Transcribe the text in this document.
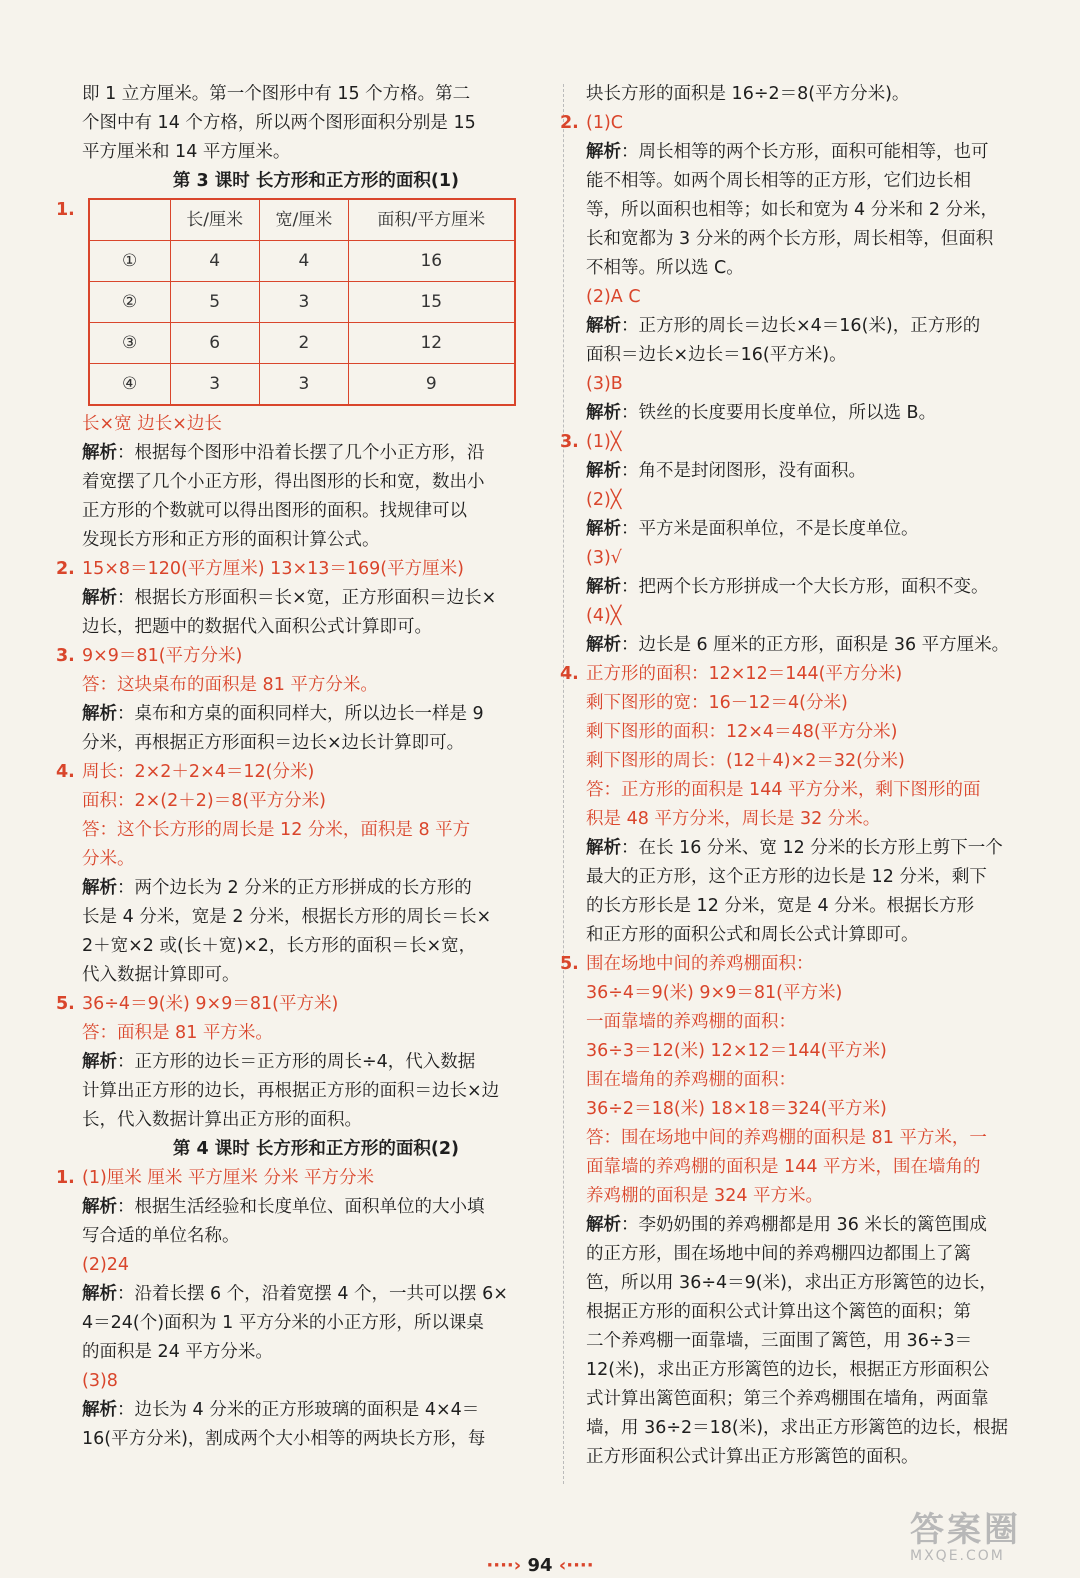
即 1 立方厘米。第一个图形中有 15 个方格。第二

个图中有 14 个方格，所以两个图形面积分别是 15

平方厘米和 14 平方厘米。

第 3 课时 长方形和正方形的面积(1)

1.		长/厘米	宽/厘米	面积/平方厘米
①	4	4	16
②	5	3	15
③	6	2	12
④	3	3	9

长×宽 边长×边长

解析：根据每个图形中沿着长摆了几个小正方形，沿

着宽摆了几个小正方形，得出图形的长和宽，数出小

正方形的个数就可以得出图形的面积。找规律可以

发现长方形和正方形的面积计算公式。

2. 15×8＝120(平方厘米) 13×13＝169(平方厘米)

解析：根据长方形面积＝长×宽，正方形面积＝边长×

边长，把题中的数据代入面积公式计算即可。

3. 9×9＝81(平方分米)

答：这块桌布的面积是 81 平方分米。

解析：桌布和方桌的面积同样大，所以边长一样是 9

分米，再根据正方形面积＝边长×边长计算即可。

4. 周长：2×2＋2×4＝12(分米)

面积：2×(2＋2)＝8(平方分米)

答：这个长方形的周长是 12 分米，面积是 8 平方

分米。

解析：两个边长为 2 分米的正方形拼成的长方形的

长是 4 分米，宽是 2 分米，根据长方形的周长＝长×

2＋宽×2 或(长＋宽)×2，长方形的面积＝长×宽，

代入数据计算即可。

5. 36÷4＝9(米) 9×9＝81(平方米)

答：面积是 81 平方米。

解析：正方形的边长＝正方形的周长÷4，代入数据

计算出正方形的边长，再根据正方形的面积＝边长×边

长，代入数据计算出正方形的面积。

第 4 课时 长方形和正方形的面积(2)

1. (1)厘米 厘米 平方厘米 分米 平方分米

解析：根据生活经验和长度单位、面积单位的大小填

写合适的单位名称。

(2)24

解析：沿着长摆 6 个，沿着宽摆 4 个，一共可以摆 6×

4＝24(个)面积为 1 平方分米的小正方形，所以课桌

的面积是 24 平方分米。

(3)8

解析：边长为 4 分米的正方形玻璃的面积是 4×4＝

16(平方分米)，割成两个大小相等的两块长方形，每

块长方形的面积是 16÷2＝8(平方分米)。

2. (1)C

解析：周长相等的两个长方形，面积可能相等，也可

能不相等。如两个周长相等的正方形，它们边长相

等，所以面积也相等；如长和宽为 4 分米和 2 分米，

长和宽都为 3 分米的两个长方形，周长相等，但面积

不相等。所以选 C。

(2)A C

解析：正方形的周长＝边长×4＝16(米)，正方形的

面积＝边长×边长＝16(平方米)。

(3)B

解析：铁丝的长度要用长度单位，所以选 B。

3. (1)╳

解析：角不是封闭图形，没有面积。

(2)╳

解析：平方米是面积单位，不是长度单位。

(3)√

解析：把两个长方形拼成一个大长方形，面积不变。

(4)╳

解析：边长是 6 厘米的正方形，面积是 36 平方厘米。

4. 正方形的面积：12×12＝144(平方分米)

剩下图形的宽：16－12＝4(分米)

剩下图形的面积：12×4＝48(平方分米)

剩下图形的周长：(12＋4)×2＝32(分米)

答：正方形的面积是 144 平方分米，剩下图形的面

积是 48 平方分米，周长是 32 分米。

解析：在长 16 分米、宽 12 分米的长方形上剪下一个

最大的正方形，这个正方形的边长是 12 分米，剩下

的长方形长是 12 分米，宽是 4 分米。根据长方形

和正方形的面积公式和周长公式计算即可。

5. 围在场地中间的养鸡棚面积：

36÷4＝9(米) 9×9＝81(平方米)

一面靠墙的养鸡棚的面积：

36÷3＝12(米) 12×12＝144(平方米)

围在墙角的养鸡棚的面积：

36÷2＝18(米) 18×18＝324(平方米)

答：围在场地中间的养鸡棚的面积是 81 平方米，一

面靠墙的养鸡棚的面积是 144 平方米，围在墙角的

养鸡棚的面积是 324 平方米。

解析：李奶奶围的养鸡棚都是用 36 米长的篱笆围成

的正方形，围在场地中间的养鸡棚四边都围上了篱

笆，所以用 36÷4＝9(米)，求出正方形篱笆的边长，

根据正方形的面积公式计算出这个篱笆的面积；第

二个养鸡棚一面靠墙，三面围了篱笆，用 36÷3＝

12(米)，求出正方形篱笆的边长，根据正方形面积公

式计算出篱笆面积；第三个养鸡棚围在墙角，两面靠

墙，用 36÷2＝18(米)，求出正方形篱笆的边长，根据

正方形面积公式计算出正方形篱笆的面积。

····› 94 ‹····
答案圈
MXQE.COM
